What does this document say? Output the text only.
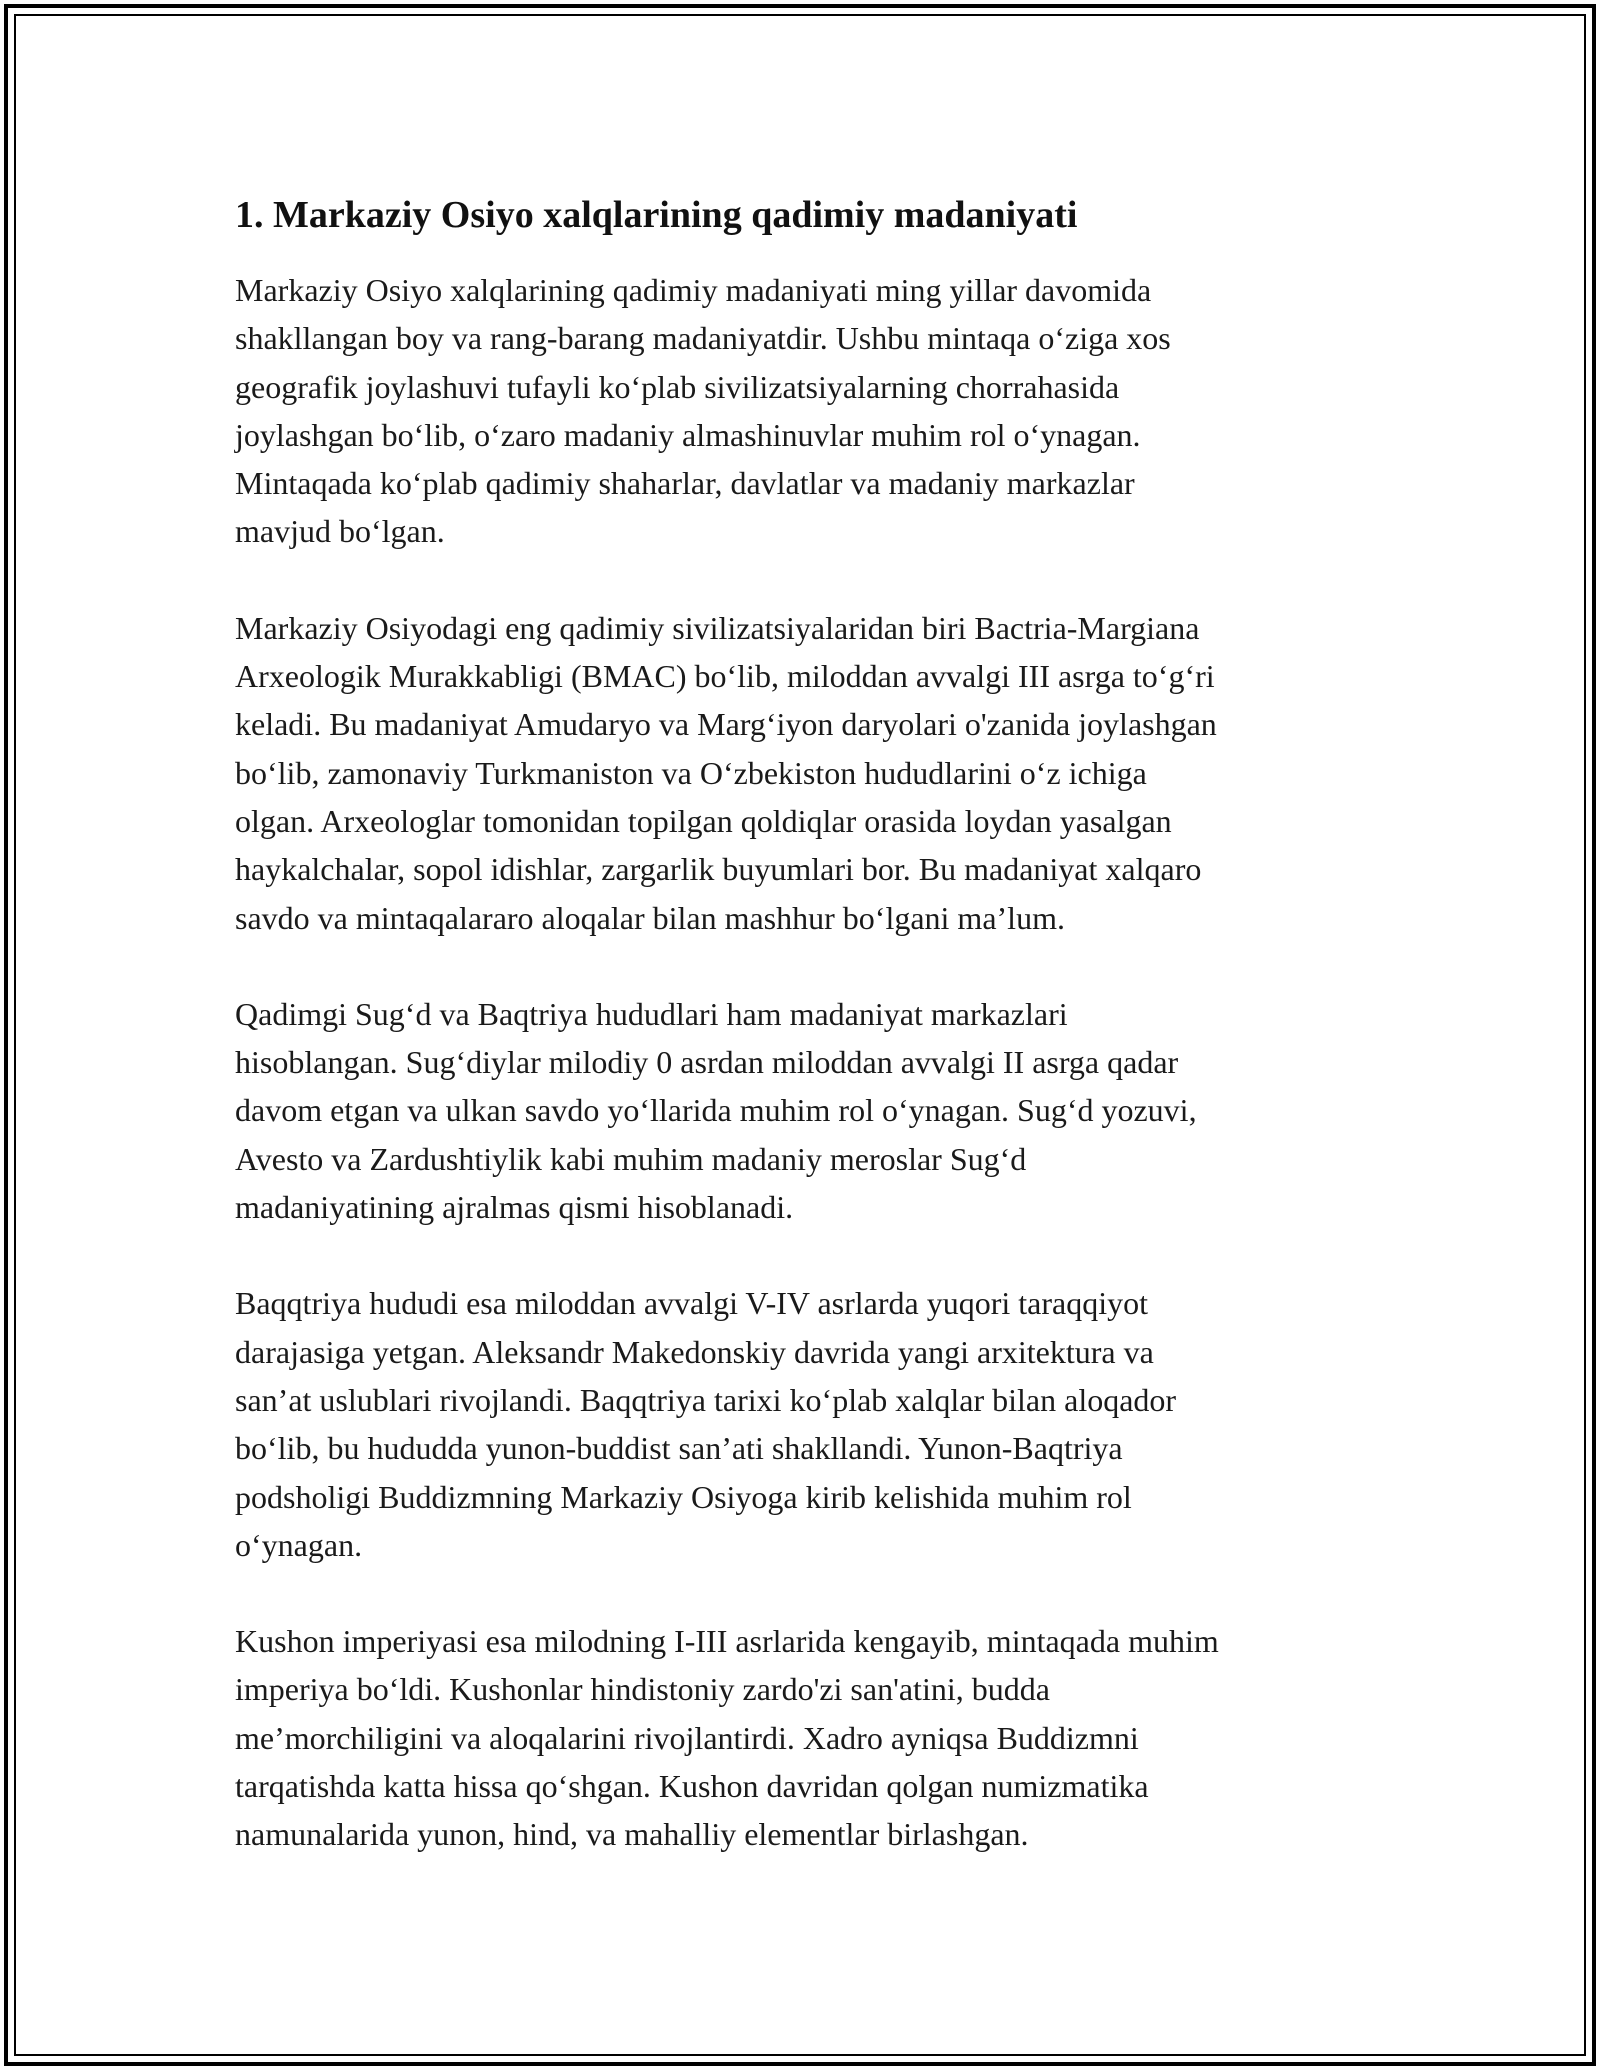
1. Markaziy Osiyo xalqlarining qadimiy madaniyati

Markaziy Osiyo xalqlarining qadimiy madaniyati ming yillar davomida
shakllangan boy va rang-barang madaniyatdir. Ushbu mintaqa o‘ziga xos
geografik joylashuvi tufayli ko‘plab sivilizatsiyalarning chorrahasida
joylashgan bo‘lib, o‘zaro madaniy almashinuvlar muhim rol o‘ynagan.
Mintaqada ko‘plab qadimiy shaharlar, davlatlar va madaniy markazlar
mavjud bo‘lgan.

Markaziy Osiyodagi eng qadimiy sivilizatsiyalaridan biri Bactria-Margiana
Arxeologik Murakkabligi (BMAC) bo‘lib, miloddan avvalgi III asrga to‘g‘ri
keladi. Bu madaniyat Amudaryo va Marg‘iyon daryolari o'zanida joylashgan
bo‘lib, zamonaviy Turkmaniston va O‘zbekiston hududlarini o‘z ichiga
olgan. Arxeologlar tomonidan topilgan qoldiqlar orasida loydan yasalgan
haykalchalar, sopol idishlar, zargarlik buyumlari bor. Bu madaniyat xalqaro
savdo va mintaqalararo aloqalar bilan mashhur bo‘lgani ma’lum.

Qadimgi Sug‘d va Baqtriya hududlari ham madaniyat markazlari
hisoblangan. Sug‘diylar milodiy 0 asrdan miloddan avvalgi II asrga qadar
davom etgan va ulkan savdo yo‘llarida muhim rol o‘ynagan. Sug‘d yozuvi,
Avesto va Zardushtiylik kabi muhim madaniy meroslar Sug‘d
madaniyatining ajralmas qismi hisoblanadi.

Baqqtriya hududi esa miloddan avvalgi V-IV asrlarda yuqori taraqqiyot
darajasiga yetgan. Aleksandr Makedonskiy davrida yangi arxitektura va
san’at uslublari rivojlandi. Baqqtriya tarixi ko‘plab xalqlar bilan aloqador
bo‘lib, bu hududda yunon-buddist san’ati shakllandi. Yunon-Baqtriya
podsholigi Buddizmning Markaziy Osiyoga kirib kelishida muhim rol
o‘ynagan.

Kushon imperiyasi esa milodning I-III asrlarida kengayib, mintaqada muhim
imperiya bo‘ldi. Kushonlar hindistoniy zardo'zi san'atini, budda
me’morchiligini va aloqalarini rivojlantirdi. Xadro ayniqsa Buddizmni
tarqatishda katta hissa qo‘shgan. Kushon davridan qolgan numizmatika
namunalarida yunon, hind, va mahalliy elementlar birlashgan.
